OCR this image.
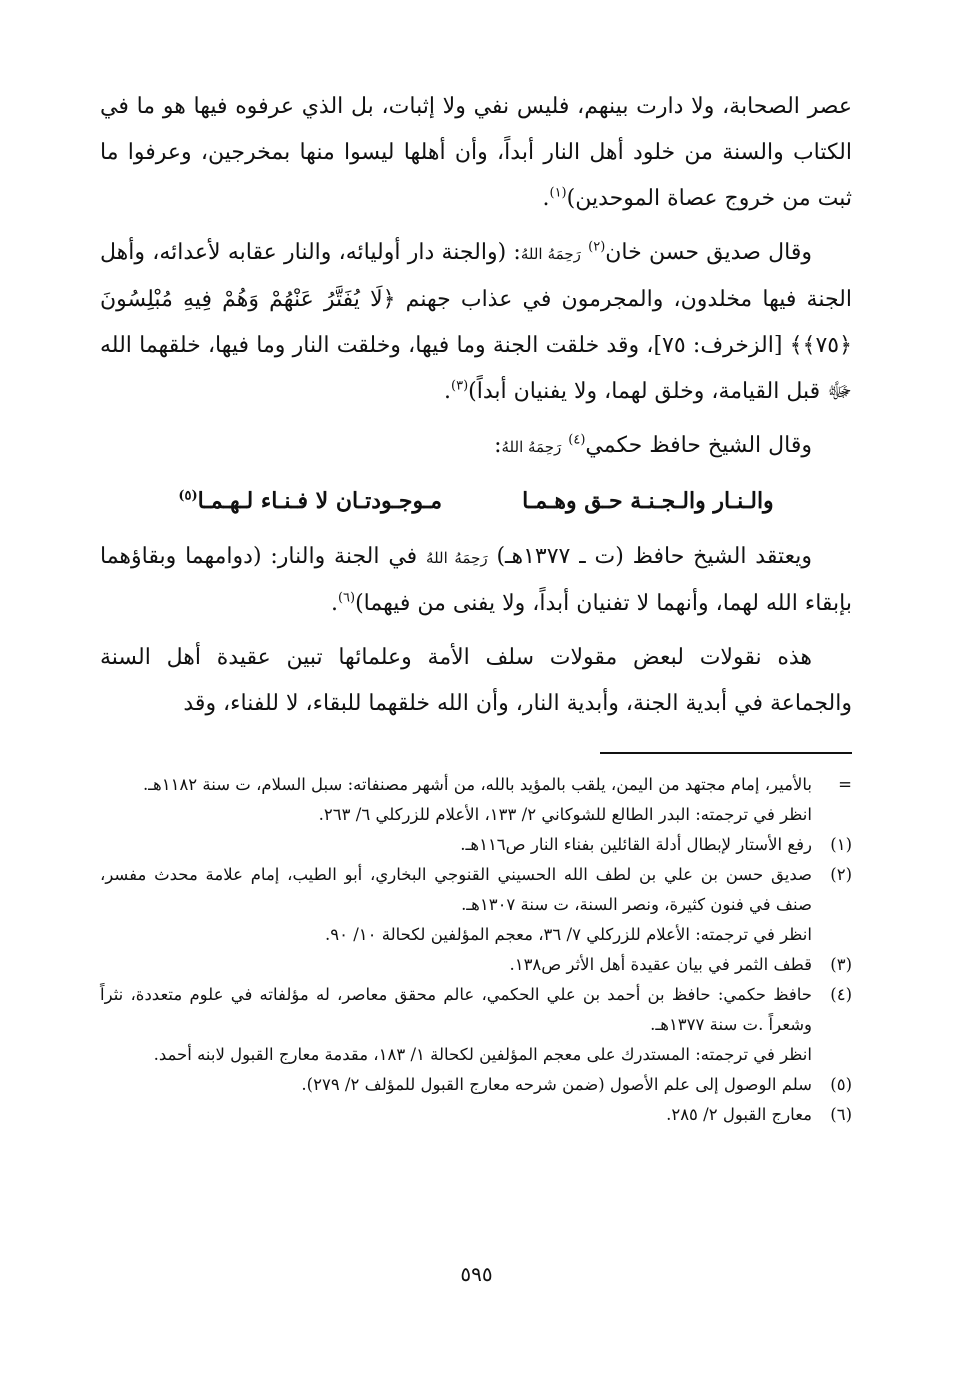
عصر الصحابة، ولا دارت بينهم، فليس نفي ولا إثبات، بل الذي عرفوه فيها هو ما في الكتاب والسنة من خلود أهل النار أبداً، وأن أهلها ليسوا منها بمخرجين، وعرفوا ما ثبت من خروج عصاة الموحدين)$^{(١)}$.

وقال صديق حسن خان$^{(٢)}$ رَحِمَهُ اللهُ: (والجنة دار أوليائه، والنار عقابه لأعدائه، وأهل الجنة فيها مخلدون، والمجرمون في عذاب جهنم ﴿لَا يُفَتَّرُ عَنْهُمْ وَهُمْ فِيهِ مُبْلِسُونَ ﴿٧٥﴾﴾ [الزخرف: ٧٥]، وقد خلقت الجنة وما فيها، وخلقت النار وما فيها، خلقهما الله ﷻ قبل القيامة، وخلق لهما، ولا يفنيان أبداً)$^{(٣)}$.

وقال الشيخ حافظ حكمي$^{(٤)}$ رَحِمَهُ اللهُ:

والـنـار والـجـنـة حـق وهـمـا
مـوجـودتـان لا فـنـاء لـهـمـا$^{(٥)}$

ويعتقد الشيخ حافظ (ت ـ ١٣٧٧هـ) رَحِمَهُ اللهُ في الجنة والنار: (دوامهما وبقاؤهما بإبقاء الله لهما، وأنهما لا تفنيان أبداً، ولا يفنى من فيهما)$^{(٦)}$.

هذه نقولات لبعض مقولات سلف الأمة وعلمائها تبين عقيدة أهل السنة والجماعة في أبدية الجنة، وأبدية النار، وأن الله خلقهما للبقاء، لا للفناء، وقد

=
بالأمير، إمام مجتهد من اليمن، يلقب بالمؤيد بالله، من أشهر مصنفاته: سبل السلام، ت سنة ١١٨٢هـ.
انظر في ترجمته: البدر الطالع للشوكاني ٢/ ١٣٣، الأعلام للزركلي ٦/ ٢٦٣.
(١)
رفع الأستار لإبطال أدلة القائلين بفناء النار ص١١٦هـ.
(٢)
صديق حسن بن علي بن لطف الله الحسيني القنوجي البخاري، أبو الطيب، إمام علامة محدث مفسر، صنف في فنون كثيرة، ونصر السنة، ت سنة ١٣٠٧هـ.
انظر في ترجمته: الأعلام للزركلي ٧/ ٣٦، معجم المؤلفين لكحالة ١٠/ ٩٠.
(٣)
قطف الثمر في بيان عقيدة أهل الأثر ص١٣٨.
(٤)
حافظ حكمي: حافظ بن أحمد بن علي الحكمي، عالم محقق معاصر، له مؤلفاته في علوم متعددة، نثراً وشعراً .ت سنة ١٣٧٧هـ.
انظر في ترجمته: المستدرك على معجم المؤلفين لكحالة ١/ ١٨٣، مقدمة معارج القبول لابنه أحمد.
(٥)
سلم الوصول إلى علم الأصول (ضمن شرحه معارج القبول للمؤلف ٢/ ٢٧٩).
(٦)
معارج القبول ٢/ ٢٨٥.
٥٩٥
